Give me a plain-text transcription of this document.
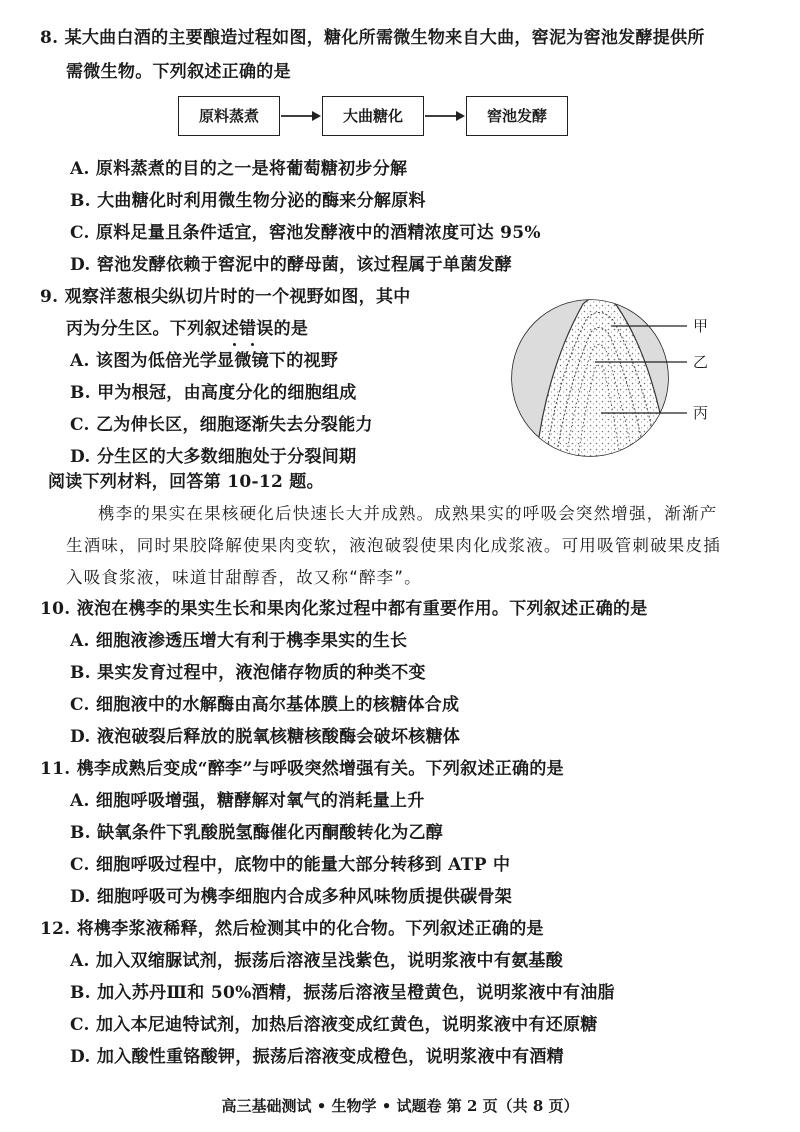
8. 某大曲白酒的主要酿造过程如图，糖化所需微生物来自大曲，窖泥为窖池发酵提供所
需微生物。下列叙述正确的是
原料蒸煮	大曲糖化	窖池发酵
A. 原料蒸煮的目的之一是将葡萄糖初步分解
B. 大曲糖化时利用微生物分泌的酶来分解原料
C. 原料足量且条件适宜，窖池发酵液中的酒精浓度可达 95%
D. 窖池发酵依赖于窖泥中的酵母菌，该过程属于单菌发酵
9. 观察洋葱根尖纵切片时的一个视野如图，其中
丙为分生区。下列叙述错误的是
A. 该图为低倍光学显微镜下的视野
B. 甲为根冠，由高度分化的细胞组成
C. 乙为伸长区，细胞逐渐失去分裂能力
D. 分生区的大多数细胞处于分裂间期
甲
乙
丙
阅读下列材料，回答第 10-12 题。
槜李的果实在果核硬化后快速长大并成熟。成熟果实的呼吸会突然增强，渐渐产
生酒味，同时果胶降解使果肉变软，液泡破裂使果肉化成浆液。可用吸管刺破果皮插
入吸食浆液，味道甘甜醇香，故又称“醉李”。
10. 液泡在槜李的果实生长和果肉化浆过程中都有重要作用。下列叙述正确的是
A. 细胞液渗透压增大有利于槜李果实的生长
B. 果实发育过程中，液泡储存物质的种类不变
C. 细胞液中的水解酶由高尔基体膜上的核糖体合成
D. 液泡破裂后释放的脱氧核糖核酸酶会破坏核糖体
11. 槜李成熟后变成“醉李”与呼吸突然增强有关。下列叙述正确的是
A. 细胞呼吸增强，糖酵解对氧气的消耗量上升
B. 缺氧条件下乳酸脱氢酶催化丙酮酸转化为乙醇
C. 细胞呼吸过程中，底物中的能量大部分转移到 ATP 中
D. 细胞呼吸可为槜李细胞内合成多种风味物质提供碳骨架
12. 将槜李浆液稀释，然后检测其中的化合物。下列叙述正确的是
A. 加入双缩脲试剂，振荡后溶液呈浅紫色，说明浆液中有氨基酸
B. 加入苏丹Ⅲ和 50%酒精，振荡后溶液呈橙黄色，说明浆液中有油脂
C. 加入本尼迪特试剂，加热后溶液变成红黄色，说明浆液中有还原糖
D. 加入酸性重铬酸钾，振荡后溶液变成橙色，说明浆液中有酒精
高三基础测试 • 生物学 • 试题卷 第 2 页（共 8 页）
